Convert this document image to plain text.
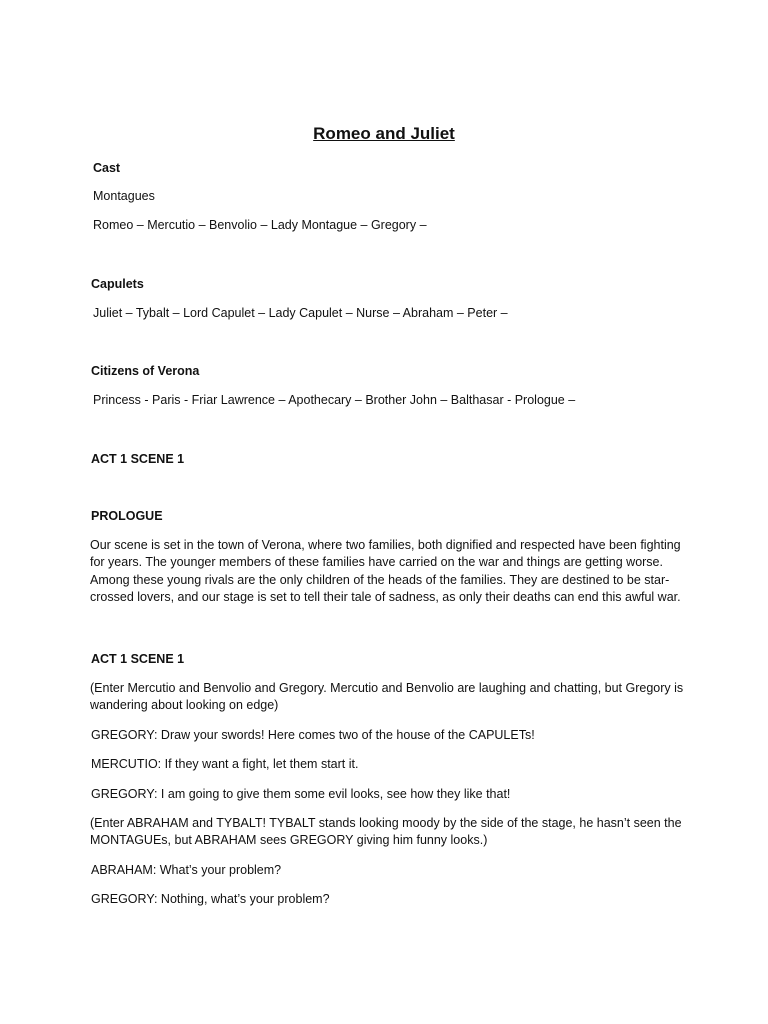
Romeo and Juliet

Cast

Montagues

Romeo – Mercutio – Benvolio – Lady Montague – Gregory –

Capulets

Juliet – Tybalt – Lord Capulet – Lady Capulet – Nurse – Abraham – Peter –

Citizens of Verona

Princess - Paris - Friar Lawrence – Apothecary – Brother John – Balthasar - Prologue –

ACT 1 SCENE 1

PROLOGUE

Our scene is set in the town of Verona, where two families, both dignified and respected have been fighting for years. The younger members of these families have carried on the war and things are getting worse. Among these young rivals are the only children of the heads of the families. They are destined to be star-crossed lovers, and our stage is set to tell their tale of sadness, as only their deaths can end this awful war.

ACT 1 SCENE 1

(Enter Mercutio and Benvolio and Gregory. Mercutio and Benvolio are laughing and chatting, but Gregory is wandering about looking on edge)

GREGORY: Draw your swords! Here comes two of the house of the CAPULETs!

MERCUTIO: If they want a fight, let them start it.

GREGORY: I am going to give them some evil looks, see how they like that!

(Enter ABRAHAM and TYBALT! TYBALT stands looking moody by the side of the stage, he hasn’t seen the MONTAGUEs, but ABRAHAM sees GREGORY giving him funny looks.)

ABRAHAM: What’s your problem?

GREGORY: Nothing, what’s your problem?
